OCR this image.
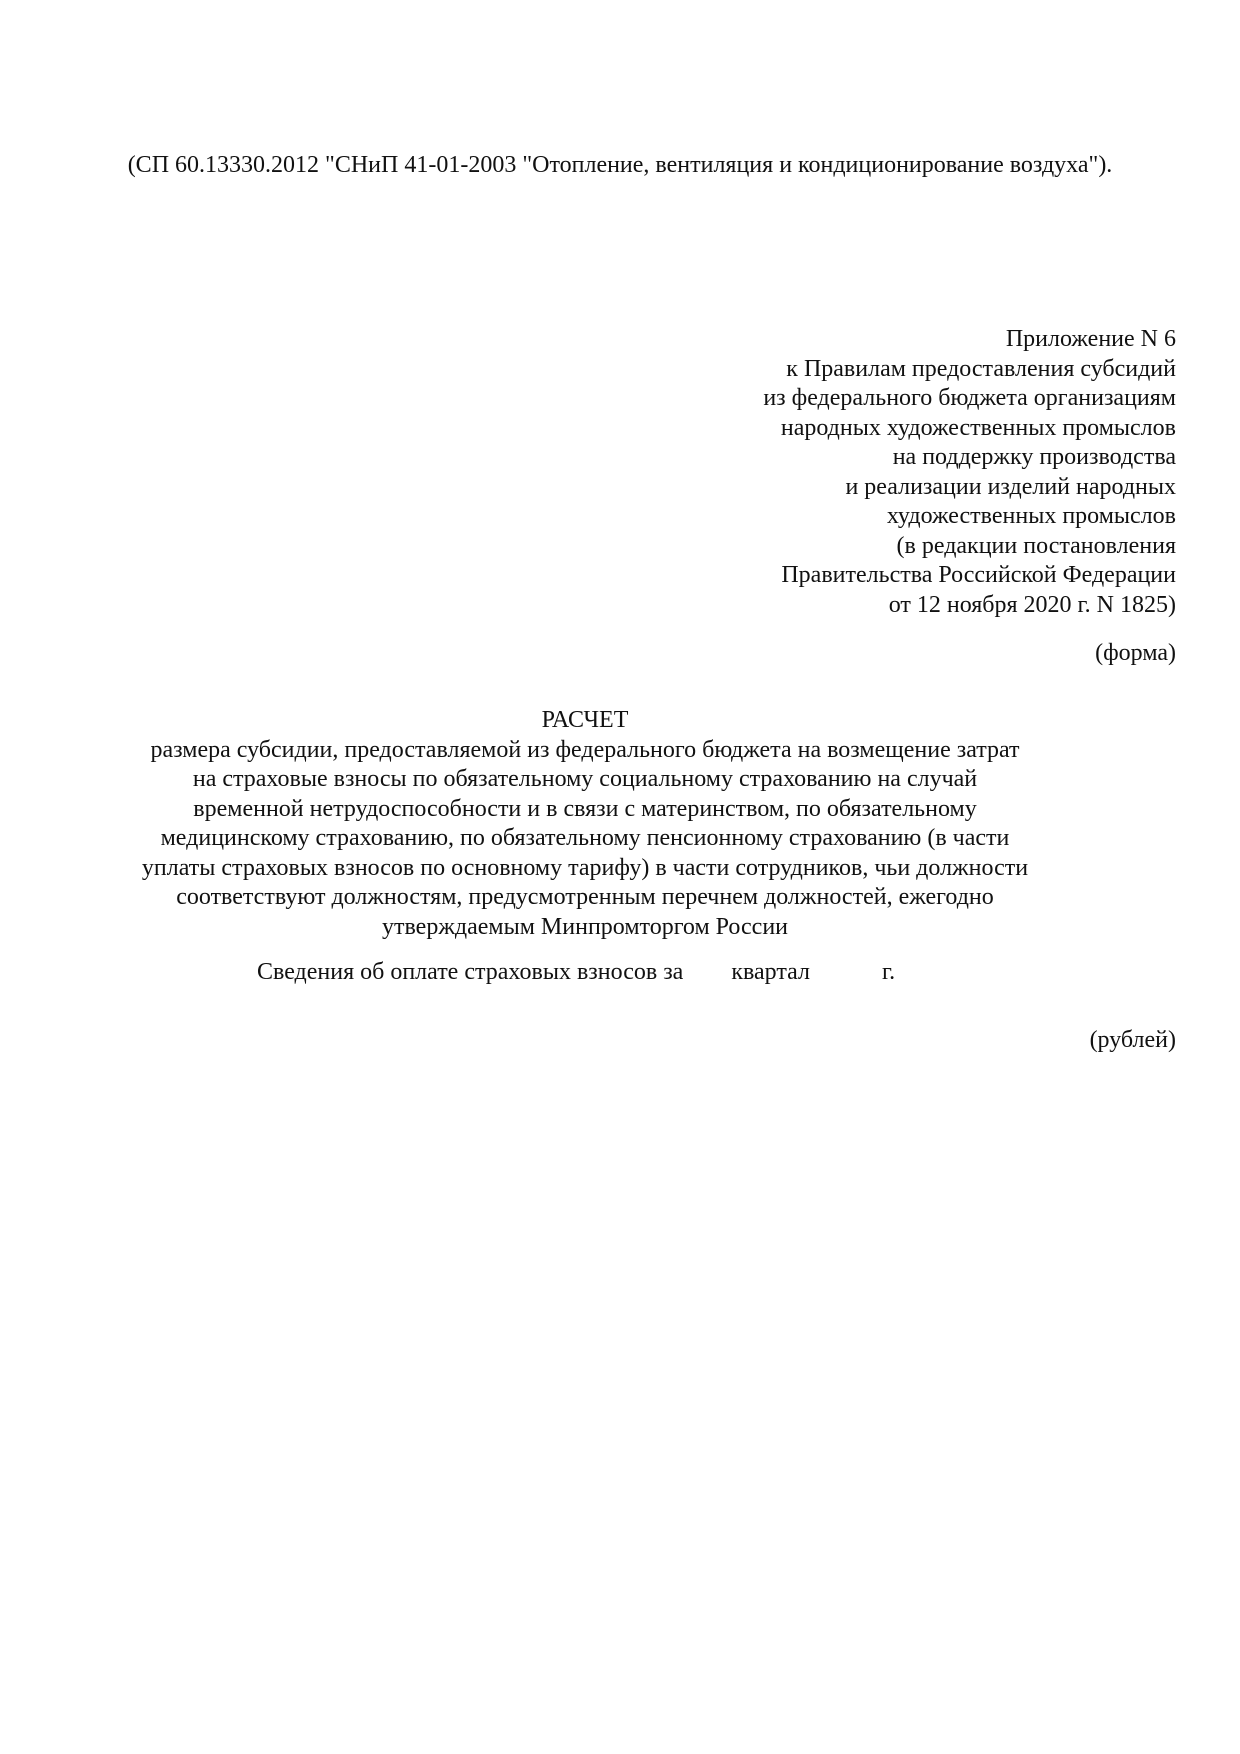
(СП 60.13330.2012 "СНиП 41-01-2003 "Отопление, вентиляция и кондиционирование воздуха").
Приложение N 6
к Правилам предоставления субсидий
из федерального бюджета организациям
народных художественных промыслов
на поддержку производства
и реализации изделий народных
художественных промыслов
(в редакции постановления
Правительства Российской Федерации
от 12 ноября 2020 г. N 1825)
(форма)
РАСЧЕТ
размера субсидии, предоставляемой из федерального бюджета на возмещение затрат
на страховые взносы по обязательному социальному страхованию на случай
временной нетрудоспособности и в связи с материнством, по обязательному
медицинскому страхованию, по обязательному пенсионному страхованию (в части
уплаты страховых взносов по основному тарифу) в части сотрудников, чьи должности
соответствуют должностям, предусмотренным перечнем должностей, ежегодно
утверждаемым Минпромторгом России
Сведения об оплате страховых взносов за квартал	г.
(рублей)
